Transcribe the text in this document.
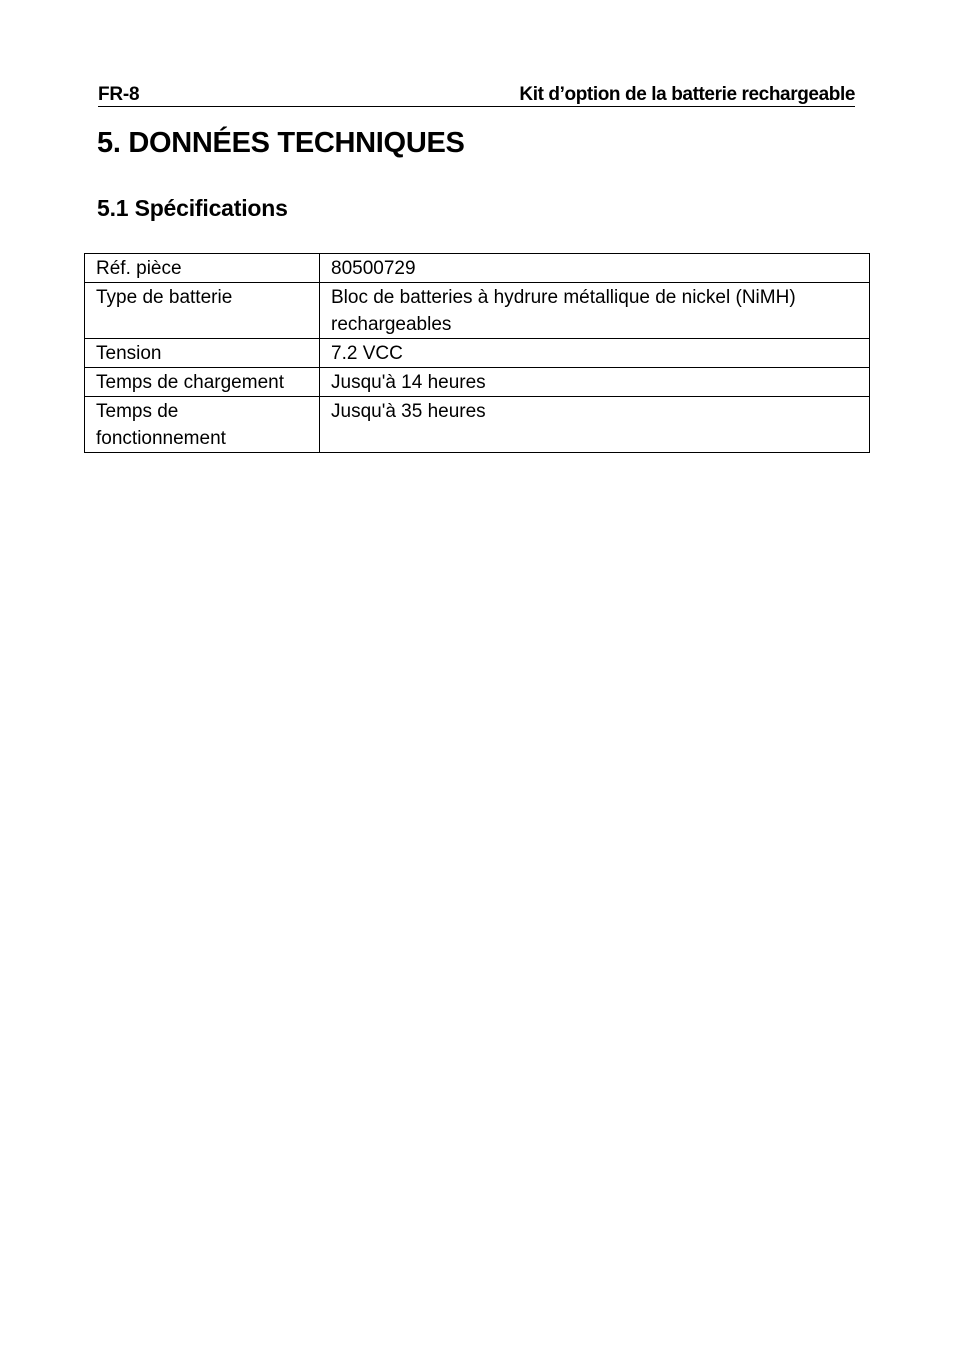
FR-8	Kit d’option de la batterie rechargeable
5. DONNÉES TECHNIQUES
5.1 Spécifications
Réf. pièce	80500729
Type de batterie	Bloc de batteries à hydrure métallique de nickel (NiMH) rechargeables
Tension	7.2 VCC
Temps de chargement	Jusqu'à 14 heures
Temps de fonctionnement	Jusqu'à 35 heures
